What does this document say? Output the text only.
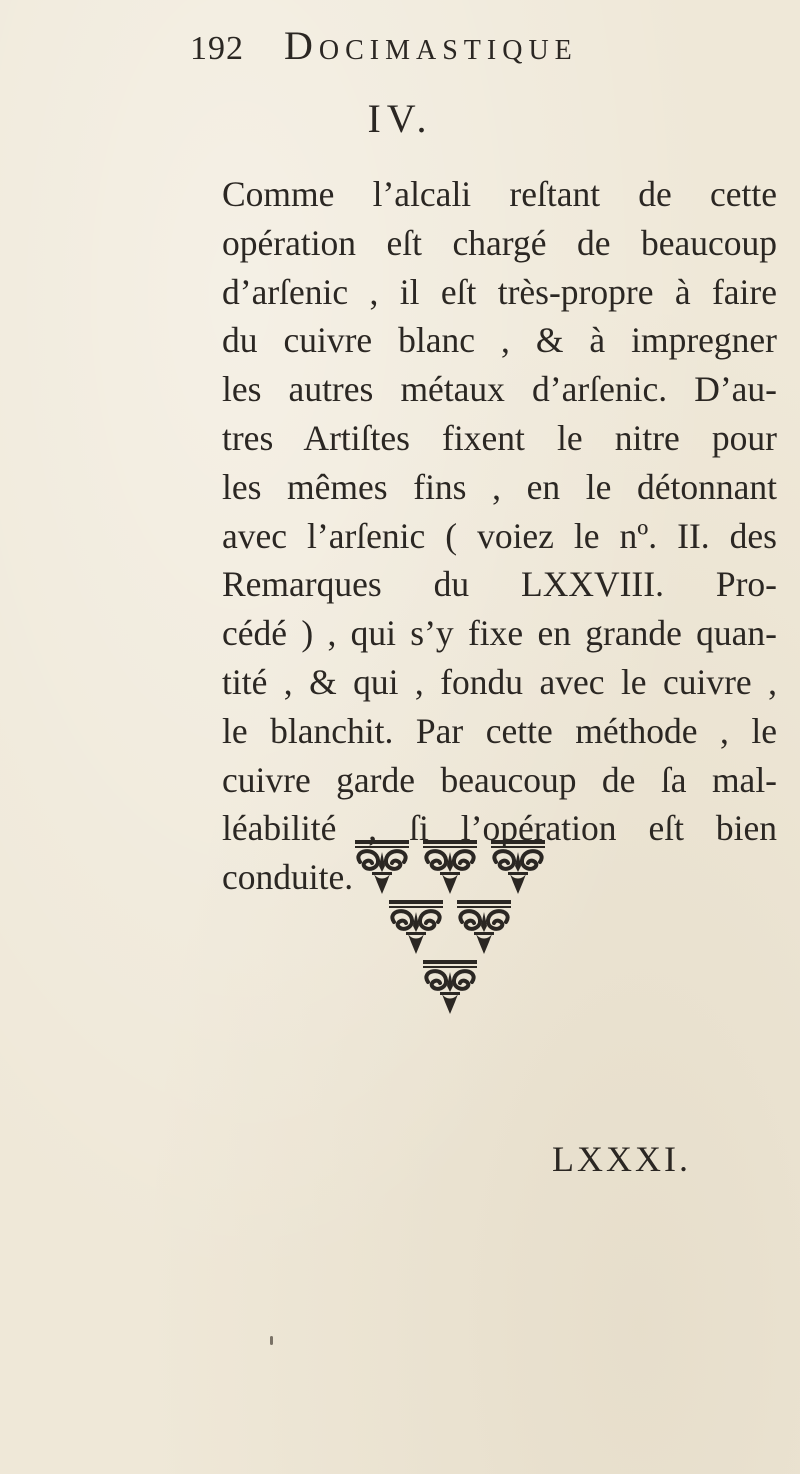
192 Docimastique
IV.

Comme l’alcali reſtant de cette
opération eſt chargé de beaucoup
d’arſenic , il eſt très-propre à faire
du cuivre blanc , & à impregner
les autres métaux d’arſenic. D’au-
tres Artiſtes fixent le nitre pour
les mêmes fins , en le détonnant
avec l’arſenic ( voiez le nº. II. des
Remarques du LXXVIII. Pro-
cédé ) , qui s’y fixe en grande quan-
tité , & qui , fondu avec le cuivre ,
le blanchit. Par cette méthode , le
cuivre garde beaucoup de ſa mal-
léabilité , ſi l’opération eſt bien
conduite.

LXXXI.
